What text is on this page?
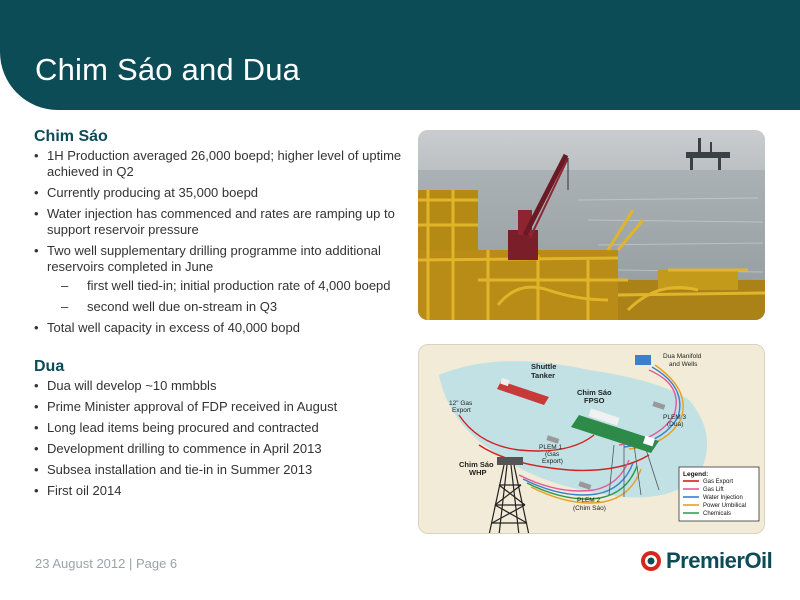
Chim Sáo and Dua
Chim Sáo
• 1H Production averaged 26,000 boepd; higher level of uptime achieved in Q2
• Currently producing at 35,000 boepd
• Water injection has commenced and rates are ramping up to support reservoir pressure
• Two well supplementary drilling programme into additional reservoirs completed in June
– first well tied-in; initial production rate of 4,000 boepd
– second well due on-stream in Q3
• Total well capacity in excess of 40,000 bopd
Dua
• Dua will develop ~10 mmbbls
• Prime Minister approval of FDP received in August
• Long lead items being procured and contracted
• Development drilling to commence in April 2013
• Subsea installation and tie-in in Summer 2013
• First oil 2014
Shuttle
Tanker
Chim Sáo
FPSO
Chim Sáo
WHP
Dua Manifold
and Wells
12" Gas
Export
PLEM 3
(Dua)
PLEM 1
(Gas
Export)
PLEM 2
(Chim Sáo)
Legend:
Gas Export
Gas Lift
Water Injection
Power Umbilical
Chemicals
23 August 2012 | Page 6	PremierOil
